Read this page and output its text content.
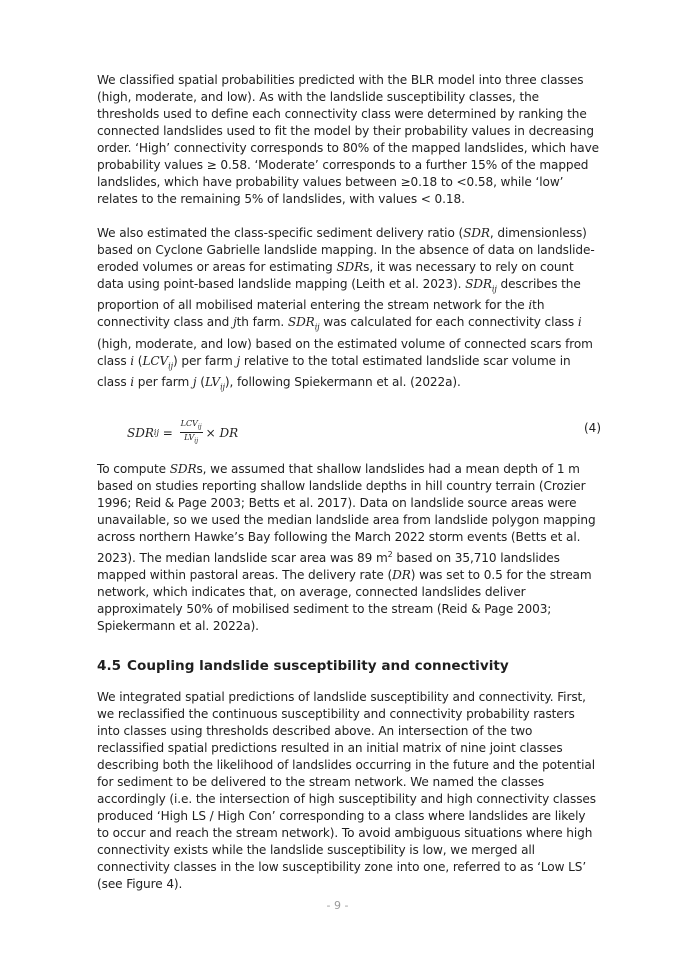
We classified spatial probabilities predicted with the BLR model into three classes (high, moderate, and low). As with the landslide susceptibility classes, the thresholds used to define each connectivity class were determined by ranking the connected landslides used to fit the model by their probability values in decreasing order. ‘High’ connectivity corresponds to 80% of the mapped landslides, which have probability values ≥ 0.58. ‘Moderate’ corresponds to a further 15% of the mapped landslides, which have probability values between ≥0.18 to <0.58, while ‘low’ relates to the remaining 5% of landslides, with values < 0.18.

We also estimated the class-specific sediment delivery ratio (SDR, dimensionless) based on Cyclone Gabrielle landslide mapping. In the absence of data on landslide-eroded volumes or areas for estimating SDRs, it was necessary to rely on count data using point-based landslide mapping (Leith et al. 2023). $SDR_{ij}$ describes the proportion of all mobilised material entering the stream network for the ith connectivity class and jth farm. $SDR_{ij}$ was calculated for each connectivity class i (high, moderate, and low) based on the estimated volume of connected scars from class i $(LCV_{ij})$ per farm j relative to the total estimated landslide scar volume in class i per farm j $(LV_{ij})$, following Spiekermann et al. (2022a).

SDR ij = $\frac{LCV_{ij}}{LV_{ij}}$ × DR	(4)

To compute SDRs, we assumed that shallow landslides had a mean depth of 1 m based on studies reporting shallow landslide depths in hill country terrain (Crozier 1996; Reid & Page 2003; Betts et al. 2017). Data on landslide source areas were unavailable, so we used the median landslide area from landslide polygon mapping across northern Hawke’s Bay following the March 2022 storm events (Betts et al. 2023). The median landslide scar area was 89 $m^2$ based on 35,710 landslides mapped within pastoral areas. The delivery rate (DR) was set to 0.5 for the stream network, which indicates that, on average, connected landslides deliver approximately 50% of mobilised sediment to the stream (Reid & Page 2003; Spiekermann et al. 2022a).

4.5 Coupling landslide susceptibility and connectivity

We integrated spatial predictions of landslide susceptibility and connectivity. First, we reclassified the continuous susceptibility and connectivity probability rasters into classes using thresholds described above. An intersection of the two reclassified spatial predictions resulted in an initial matrix of nine joint classes describing both the likelihood of landslides occurring in the future and the potential for sediment to be delivered to the stream network. We named the classes accordingly (i.e. the intersection of high susceptibility and high connectivity classes produced ‘High LS / High Con’ corresponding to a class where landslides are likely to occur and reach the stream network). To avoid ambiguous situations where high connectivity exists while the landslide susceptibility is low, we merged all connectivity classes in the low susceptibility zone into one, referred to as ‘Low LS’ (see Figure 4).

- 9 -
